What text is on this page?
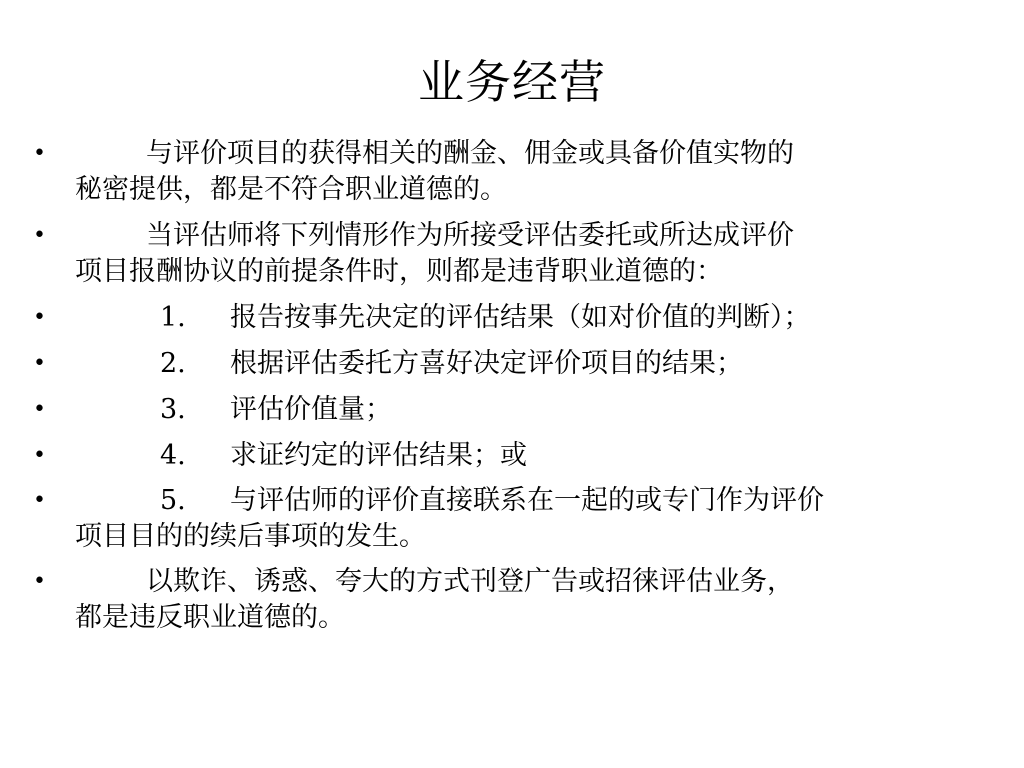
业务经营
•	与评价项目的获得相关的酬金、佣金或具备价值实物的
秘密提供，都是不符合职业道德的。
•	当评估师将下列情形作为所接受评估委托或所达成评价
项目报酬协议的前提条件时，则都是违背职业道德的：
•	1. 报告按事先决定的评估结果（如对价值的判断）；
•	2. 根据评估委托方喜好决定评价项目的结果；
•	3. 评估价值量；
•	4. 求证约定的评估结果；或
•	5. 与评估师的评价直接联系在一起的或专门作为评价
项目目的的续后事项的发生。
•	以欺诈、诱惑、夸大的方式刊登广告或招徕评估业务，
都是违反职业道德的。
